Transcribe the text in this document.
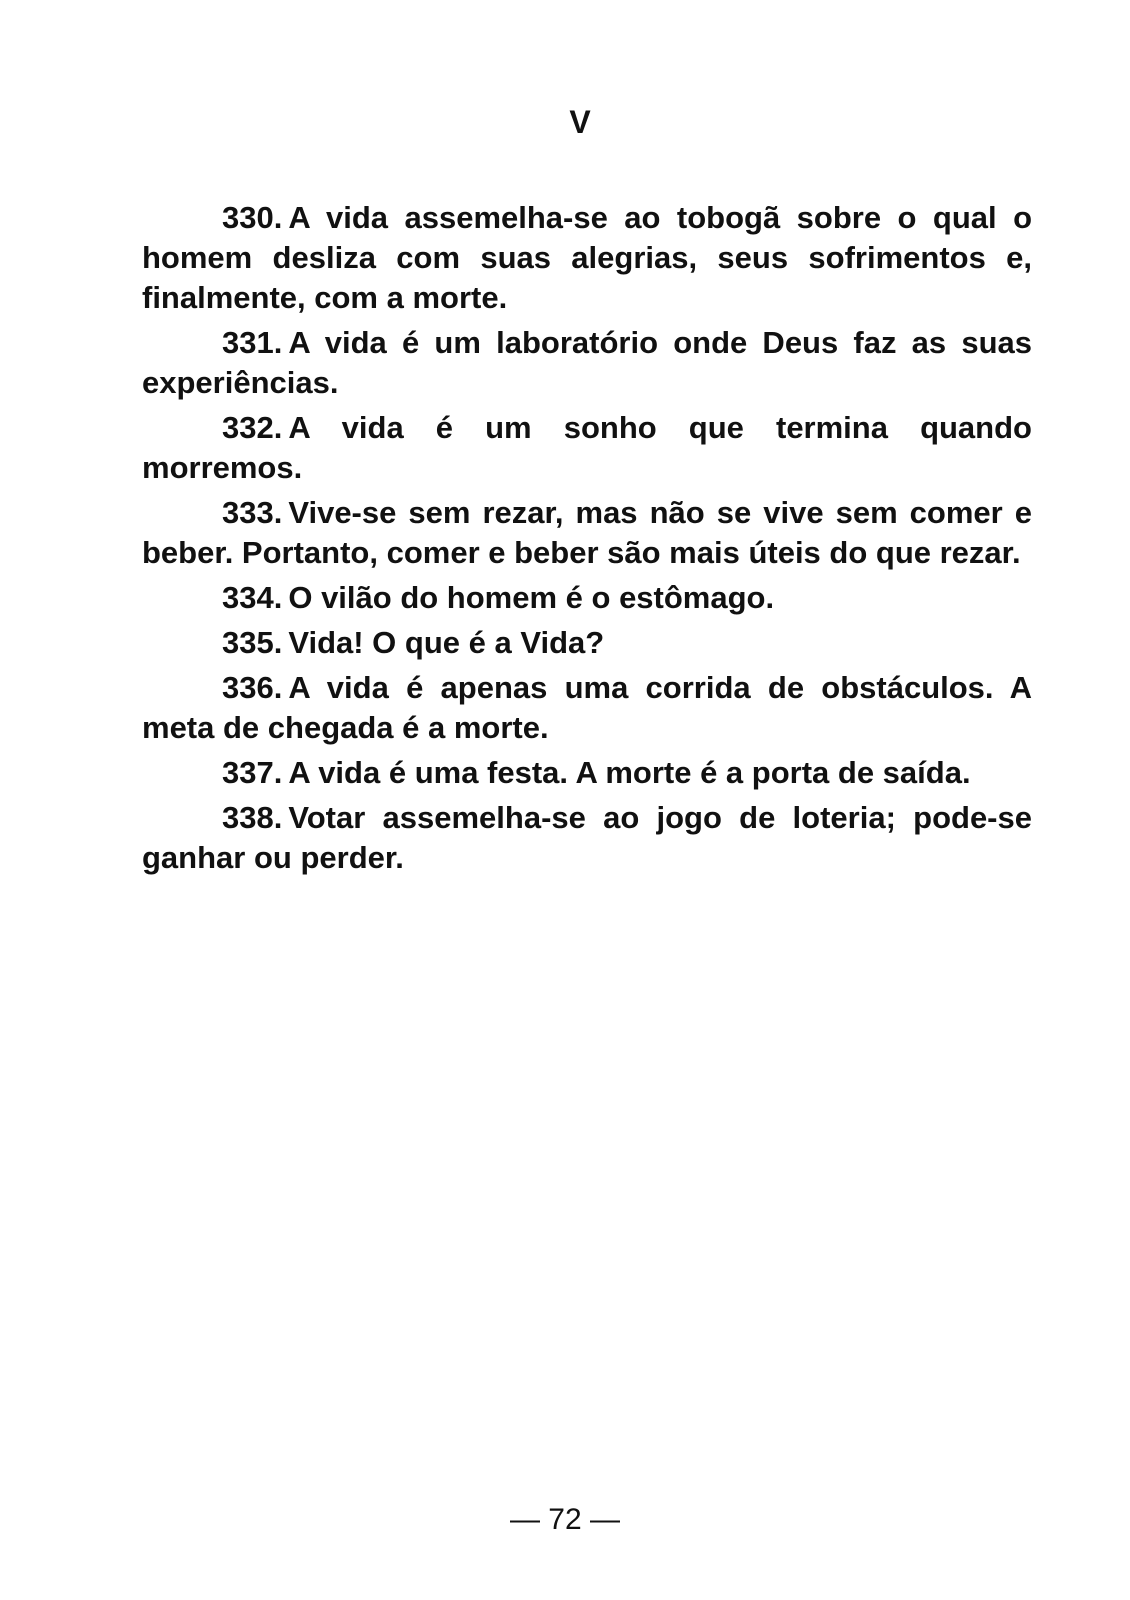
V

330. A vida assemelha-se ao tobogã sobre o qual o homem desliza com suas alegrias, seus sofrimentos e, finalmente, com a morte.

331. A vida é um laboratório onde Deus faz as suas experiências.

332. A vida é um sonho que termina quando morremos.

333. Vive-se sem rezar, mas não se vive sem comer e beber. Portanto, comer e beber são mais úteis do que rezar.

334. O vilão do homem é o estômago.

335. Vida! O que é a Vida?

336. A vida é apenas uma corrida de obstáculos. A meta de chegada é a morte.

337. A vida é uma festa. A morte é a porta de saída.

338. Votar assemelha-se ao jogo de loteria; pode-se ganhar ou perder.

— 72 —
